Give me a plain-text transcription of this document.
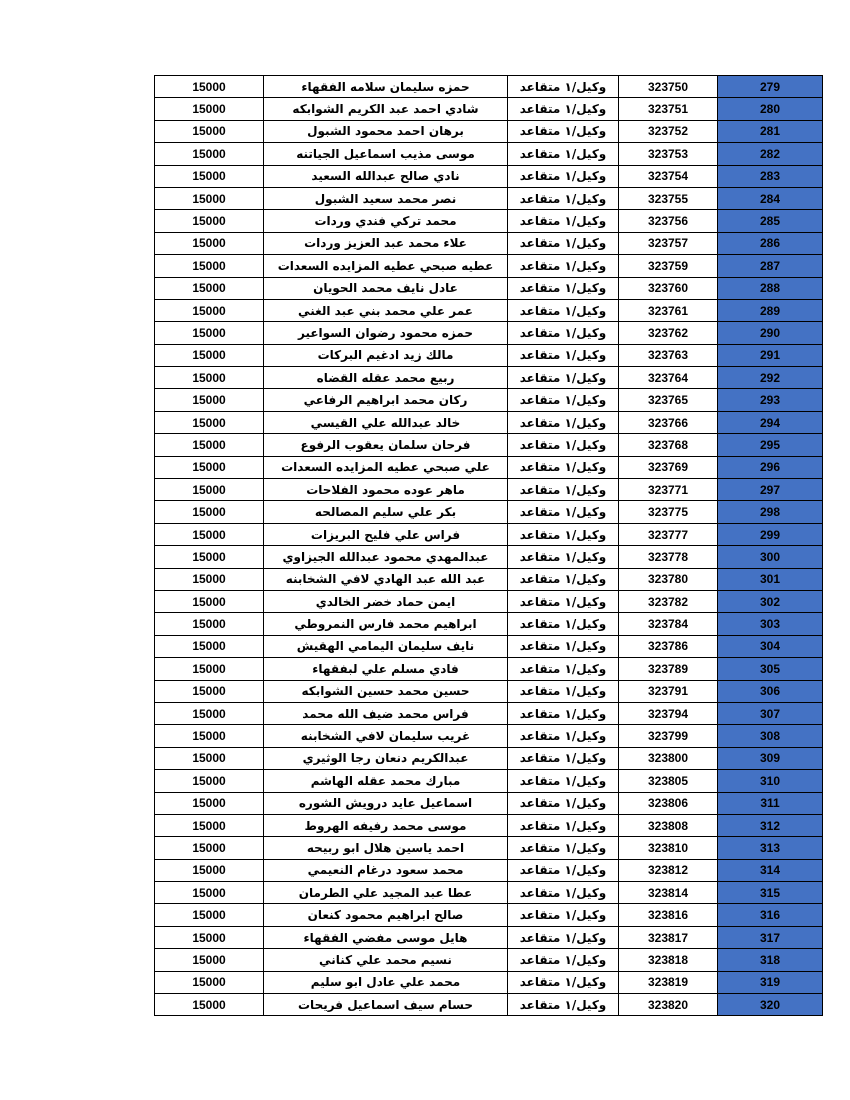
15000	حمزه سليمان سلامه الفقهاء	وكيل/١ متقاعد	323750	279
15000	شادي احمد عبد الكريم الشوابكه	وكيل/١ متقاعد	323751	280
15000	برهان احمد محمود الشبول	وكيل/١ متقاعد	323752	281
15000	موسى مذيب اسماعيل الجياتنه	وكيل/١ متقاعد	323753	282
15000	نادي صالح عبدالله السعيد	وكيل/١ متقاعد	323754	283
15000	نصر محمد سعيد الشبول	وكيل/١ متقاعد	323755	284
15000	محمد تركي فندي وردات	وكيل/١ متقاعد	323756	285
15000	علاء محمد عبد العزيز وردات	وكيل/١ متقاعد	323757	286
15000	عطيه صبحي عطيه المزايده السعدات	وكيل/١ متقاعد	323759	287
15000	عادل نايف محمد الحويان	وكيل/١ متقاعد	323760	288
15000	عمر علي محمد بني عبد الغني	وكيل/١ متقاعد	323761	289
15000	حمزه محمود رضوان السواعير	وكيل/١ متقاعد	323762	290
15000	مالك زيد ادغيم البركات	وكيل/١ متقاعد	323763	291
15000	ربيع محمد عقله القضاه	وكيل/١ متقاعد	323764	292
15000	ركان محمد ابراهيم الرفاعي	وكيل/١ متقاعد	323765	293
15000	خالد عبدالله علي القيسي	وكيل/١ متقاعد	323766	294
15000	فرحان سلمان يعقوب الرفوع	وكيل/١ متقاعد	323768	295
15000	علي صبحي عطيه المزايده السعدات	وكيل/١ متقاعد	323769	296
15000	ماهر عوده محمود الفلاحات	وكيل/١ متقاعد	323771	297
15000	بكر علي سليم المصالحه	وكيل/١ متقاعد	323775	298
15000	فراس علي فليح البريزات	وكيل/١ متقاعد	323777	299
15000	عبدالمهدي محمود عبدالله الجيزاوي	وكيل/١ متقاعد	323778	300
15000	عبد الله عبد الهادي لافي الشخابنه	وكيل/١ متقاعد	323780	301
15000	ايمن حماد خضر الخالدي	وكيل/١ متقاعد	323782	302
15000	ابراهيم محمد فارس النمروطي	وكيل/١ متقاعد	323784	303
15000	نايف سليمان اليمامي الهقيش	وكيل/١ متقاعد	323786	304
15000	فادي مسلم علي لبفقهاء	وكيل/١ متقاعد	323789	305
15000	حسين محمد حسين الشوابكه	وكيل/١ متقاعد	323791	306
15000	فراس محمد ضيف الله محمد	وكيل/١ متقاعد	323794	307
15000	غريب سليمان لافي الشخابنه	وكيل/١ متقاعد	323799	308
15000	عبدالكريم دنعان رجا الوثيري	وكيل/١ متقاعد	323800	309
15000	مبارك محمد عقله الهاشم	وكيل/١ متقاعد	323805	310
15000	اسماعيل عايد درويش الشوره	وكيل/١ متقاعد	323806	311
15000	موسى محمد رفيفه الهروط	وكيل/١ متقاعد	323808	312
15000	احمد ياسين هلال ابو ربيحه	وكيل/١ متقاعد	323810	313
15000	محمد سعود درغام النعيمي	وكيل/١ متقاعد	323812	314
15000	عطا عبد المجيد علي الطرمان	وكيل/١ متقاعد	323814	315
15000	صالح ابراهيم محمود كنعان	وكيل/١ متقاعد	323816	316
15000	هايل موسى مفضي الفقهاء	وكيل/١ متقاعد	323817	317
15000	نسيم محمد علي كناني	وكيل/١ متقاعد	323818	318
15000	محمد علي عادل ابو سليم	وكيل/١ متقاعد	323819	319
15000	حسام سيف اسماعيل فريحات	وكيل/١ متقاعد	323820	320
